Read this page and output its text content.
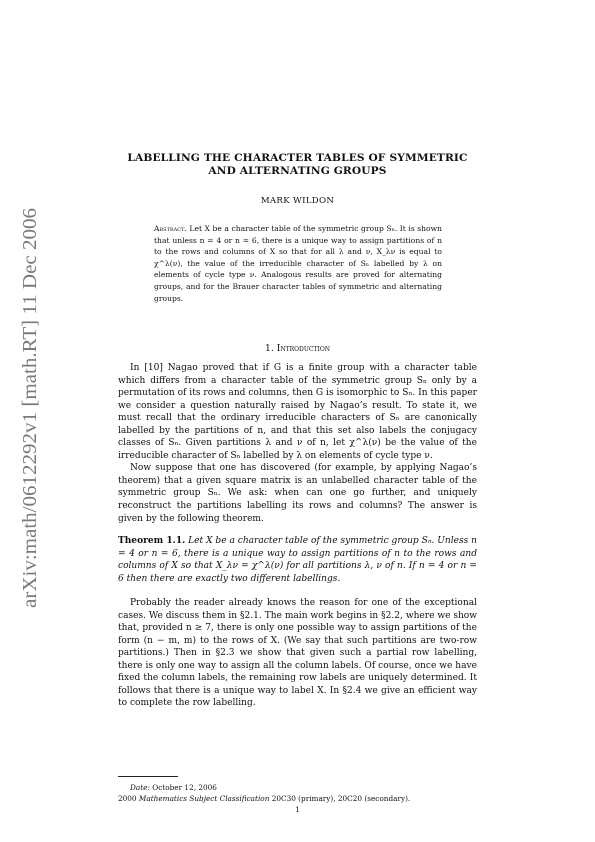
arXiv:math/0612292v1 [math.RT] 11 Dec 2006
LABELLING THE CHARACTER TABLES OF SYMMETRIC
AND ALTERNATING GROUPS
MARK WILDON
Abstract. Let X be a character table of the symmetric group Sₙ. It is shown that unless n = 4 or n = 6, there is a unique way to assign partitions of n to the rows and columns of X so that for all λ and ν, X_λν is equal to χ^λ(ν), the value of the irreducible character of Sₙ labelled by λ on elements of cycle type ν. Analogous results are proved for alternating groups, and for the Brauer character tables of symmetric and alternating groups.
1. Introduction

In [10] Nagao proved that if G is a finite group with a character table which differs from a character table of the symmetric group Sₙ only by a permutation of its rows and columns, then G is isomorphic to Sₙ. In this paper we consider a question naturally raised by Nagao’s result. To state it, we must recall that the ordinary irreducible characters of Sₙ are canonically labelled by the partitions of n, and that this set also labels the conjugacy classes of Sₙ. Given partitions λ and ν of n, let χ^λ(ν) be the value of the irreducible character of Sₙ labelled by λ on elements of cycle type ν.

Now suppose that one has discovered (for example, by applying Nagao’s theorem) that a given square matrix is an unlabelled character table of the symmetric group Sₙ. We ask: when can one go further, and uniquely reconstruct the partitions labelling its rows and columns? The answer is given by the following theorem.

Theorem 1.1. Let X be a character table of the symmetric group Sₙ. Unless n = 4 or n = 6, there is a unique way to assign partitions of n to the rows and columns of X so that X_λν = χ^λ(ν) for all partitions λ, ν of n. If n = 4 or n = 6 then there are exactly two different labellings.

Probably the reader already knows the reason for one of the exceptional cases. We discuss them in §2.1. The main work begins in §2.2, where we show that, provided n ≥ 7, there is only one possible way to assign partitions of the form (n − m, m) to the rows of X. (We say that such partitions are two-row partitions.) Then in §2.3 we show that given such a partial row labelling, there is only one way to assign all the column labels. Of course, once we have fixed the column labels, the remaining row labels are uniquely determined. It follows that there is a unique way to label X. In §2.4 we give an efficient way to complete the row labelling.

Date: October 12, 2006
2000 Mathematics Subject Classification 20C30 (primary), 20C20 (secondary).
1
